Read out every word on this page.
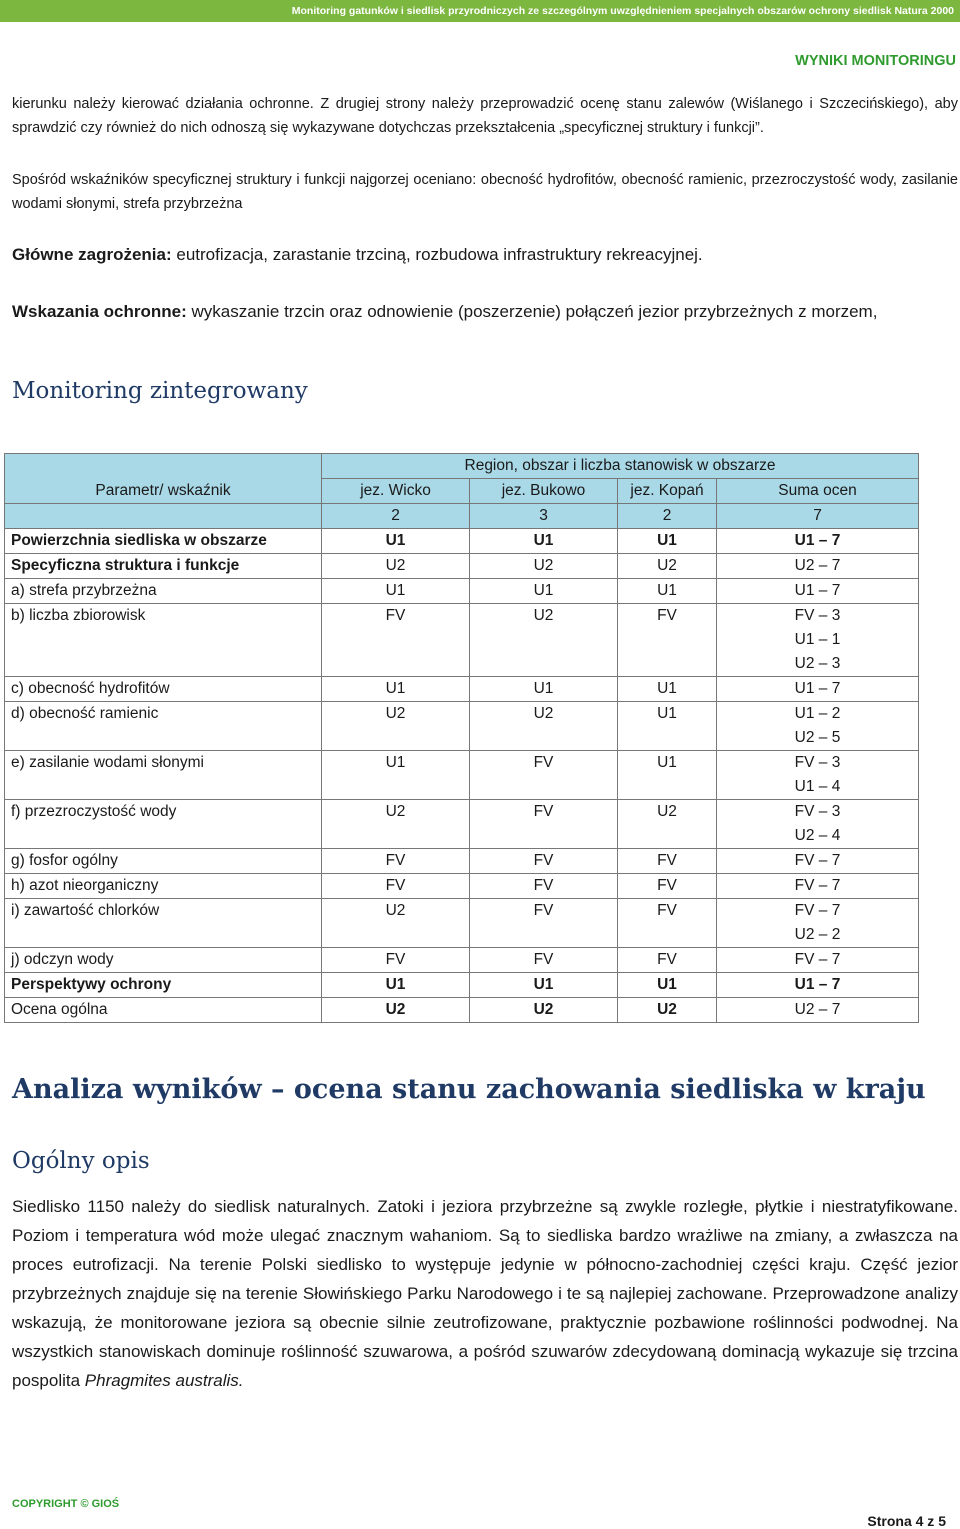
Monitoring gatunków i siedlisk przyrodniczych ze szczególnym uwzględnieniem specjalnych obszarów ochrony siedlisk Natura 2000
WYNIKI MONITORINGU
kierunku należy kierować działania ochronne. Z drugiej strony należy przeprowadzić ocenę stanu zalewów (Wiślanego i Szczecińskiego), aby sprawdzić czy również do nich odnoszą się wykazywane dotychczas przekształcenia „specyficznej struktury i funkcji”.
Spośród wskaźników specyficznej struktury i funkcji najgorzej oceniano: obecność hydrofitów, obecność ramienic, przezroczystość wody, zasilanie wodami słonymi, strefa przybrzeżna
Główne zagrożenia: eutrofizacja, zarastanie trzciną, rozbudowa infrastruktury rekreacyjnej.
Wskazania ochronne: wykaszanie trzcin oraz odnowienie (poszerzenie) połączeń jezior przybrzeżnych z morzem,
Monitoring zintegrowany
Parametr/ wskaźnik	Region, obszar i liczba stanowisk w obszarze			
	jez. Wicko	jez. Bukowo	jez. Kopań	Suma ocen
	2	3	2	7
Powierzchnia siedliska w obszarze	U1	U1	U1	U1 – 7
Specyficzna struktura i funkcje	U2	U2	U2	U2 – 7
a) strefa przybrzeżna	U1	U1	U1	U1 – 7
b) liczba zbiorowisk	FV	U2	FV	FV – 3
U1 – 1
U2 – 3
c) obecność hydrofitów	U1	U1	U1	U1 – 7
d) obecność ramienic	U2	U2	U1	U1 – 2
U2 – 5
e) zasilanie wodami słonymi	U1	FV	U1	FV – 3
U1 – 4
f) przezroczystość wody	U2	FV	U2	FV – 3
U2 – 4
g) fosfor ogólny	FV	FV	FV	FV – 7
h) azot nieorganiczny	FV	FV	FV	FV – 7
i) zawartość chlorków	U2	FV	FV	FV – 7
U2 – 2
j) odczyn wody	FV	FV	FV	FV – 7
Perspektywy ochrony	U1	U1	U1	U1 – 7
Ocena ogólna	U2	U2	U2	U2 – 7
Analiza wyników – ocena stanu zachowania siedliska w kraju
Ogólny opis
Siedlisko 1150 należy do siedlisk naturalnych. Zatoki i jeziora przybrzeżne są zwykle rozległe, płytkie i niestratyfikowane. Poziom i temperatura wód może ulegać znacznym wahaniom. Są to siedliska bardzo wrażliwe na zmiany, a zwłaszcza na proces eutrofizacji. Na terenie Polski siedlisko to występuje jedynie w północno-zachodniej części kraju. Część jezior przybrzeżnych znajduje się na terenie Słowińskiego Parku Narodowego i te są najlepiej zachowane. Przeprowadzone analizy wskazują, że monitorowane jeziora są obecnie silnie zeutrofizowane, praktycznie pozbawione roślinności podwodnej. Na wszystkich stanowiskach dominuje roślinność szuwarowa, a pośród szuwarów zdecydowaną dominacją wykazuje się trzcina pospolita Phragmites australis.
COPYRIGHT © GIOŚ
Strona 4 z 5
